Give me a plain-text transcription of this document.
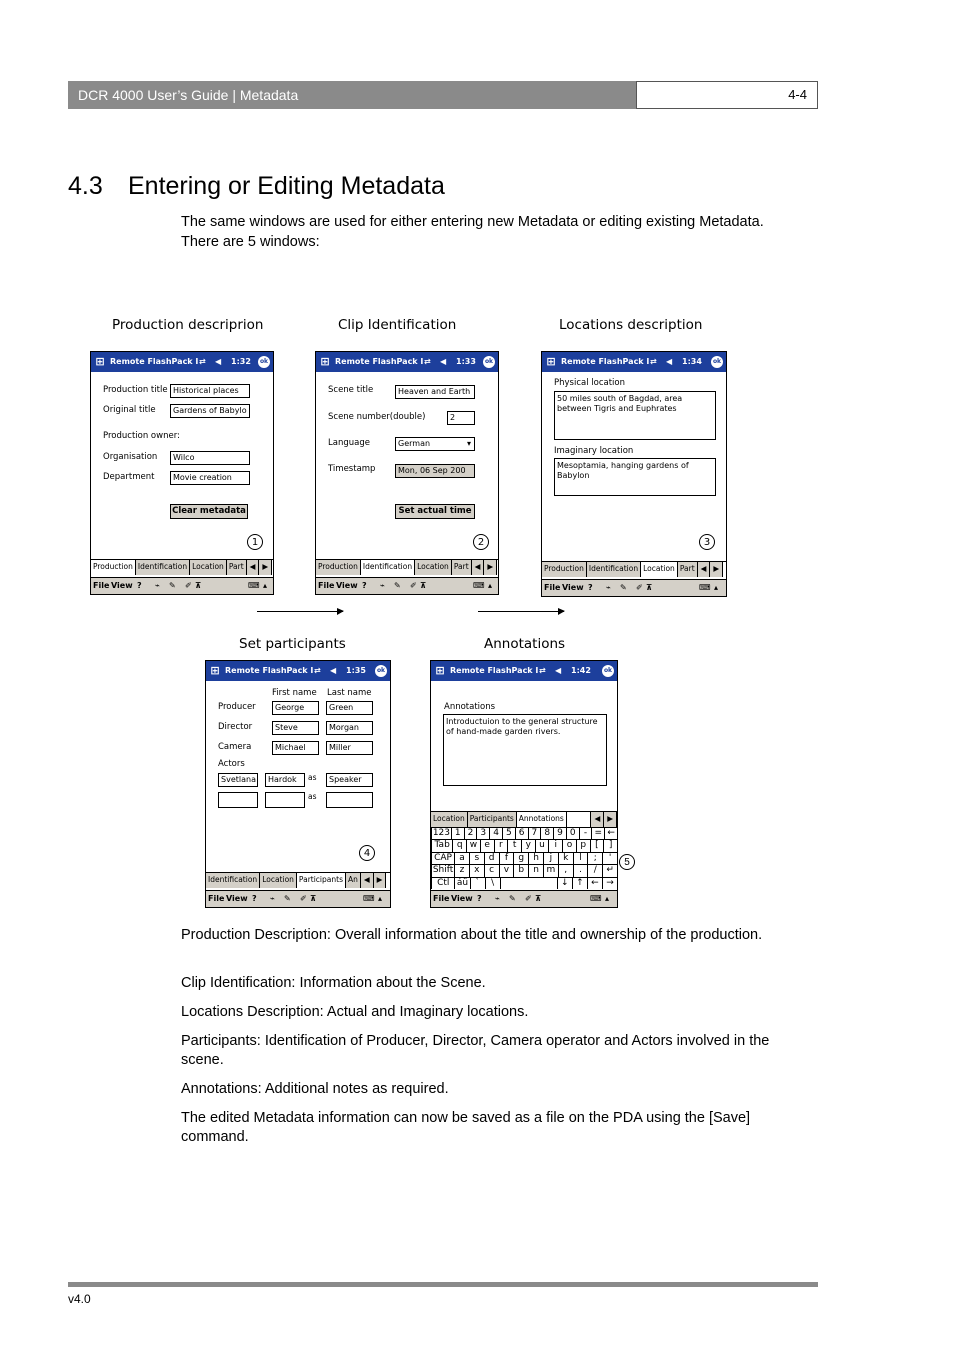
DCR 4000 User’s Guide | Metadata	4-4
4.3 Entering or Editing Metadata
The same windows are used for either entering new Metadata or editing existing Metadata.
There are 5 windows:
Production descriprion	Clip Identification	Locations description
Set participants	Annotations
⊞ Remote FlashPack I ⇄ ◀ 1:32	ok
Production title Historical places
Original title	Gardens of Babylo
Production owner:
Organisation	Wilco
Department	Movie creation
Clear metadata
1
Production Identification Location Part ◀ ▶
File View ? ⌁ ✎ ✐ ⊼	⌨ ▴
⊞ Remote FlashPack I ⇄ ◀ 1:33	ok
Scene title	Heaven and Earth
Scene number(double)	2
Language	German	▾
Timestamp	Mon, 06 Sep 200
Set actual time
2
Production Identification Location Part ◀ ▶
File View ? ⌁ ✎ ✐ ⊼	⌨ ▴
⊞ Remote FlashPack I ⇄ ◀ 1:34	ok
Physical location
50 miles south of Bagdad, area between Tigris and Euphrates
Imaginary location
Mesoptamia, hanging gardens of Babylon
3
Production Identification Location Part ◀ ▶
File View ? ⌁ ✎ ✐ ⊼	⌨ ▴
⊞ Remote FlashPack I ⇄ ◀ 1:35	ok
First name Last name
Producer	George	Green
Director	Steve	Morgan
Camera	Michael	Miller
Actors
Svetlana	Hardok	as	Speaker
as
4
Identification Location Participants An ◀ ▶
File View ? ⌁ ✎ ✐ ⊼	⌨ ▴
⊞ Remote FlashPack I ⇄ ◀ 1:42	ok
Annotations
Introductuion to the general structure of hand-made garden rivers.
Location Participants Annotations	◀ ▶
123 1 2 3 4 5 6 7 8 9 0 - = ←
Tab q w e	r	t	y u	i	o p	[	]
CAP a	s	d	f	g	h	j	k	l	;	'
Shift z	x	c	v	b	n m ,	.	/	↵
Ctl áü `	\	↓ ↑ ← →
File View ? ⌁ ✎ ✐ ⊼	⌨ ▴
5
Production Description: Overall information about the title and ownership of the production.
Clip Identification: Information about the Scene.
Locations Description: Actual and Imaginary locations.
Participants: Identification of Producer, Director, Camera operator and Actors involved in the scene.
Annotations: Additional notes as required.
The edited Metadata information can now be saved as a file on the PDA using the [Save] command.
v4.0
